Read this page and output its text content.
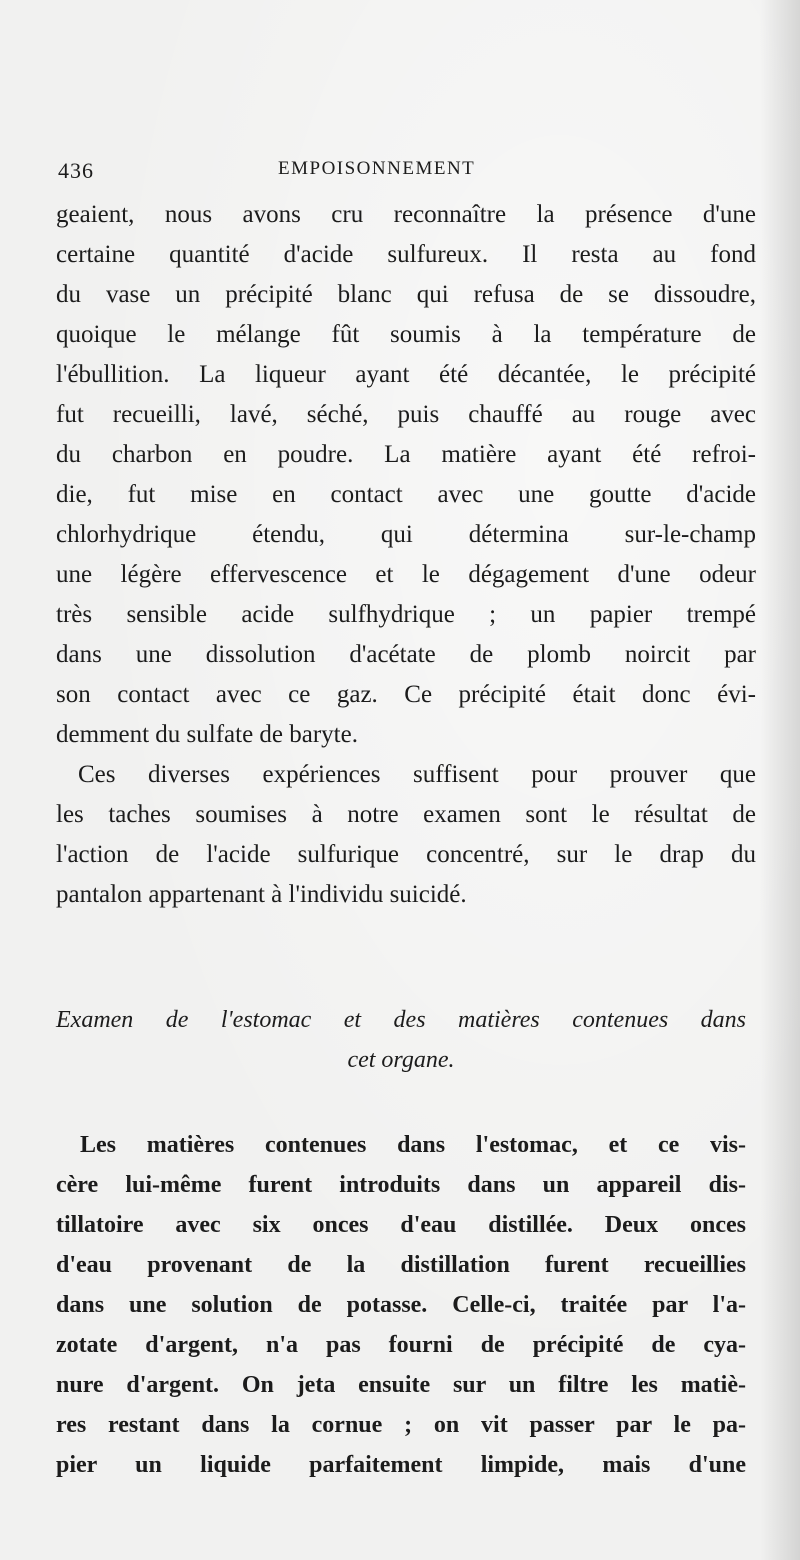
436	EMPOISONNEMENT
geaient, nous avons cru reconnaître la présence d'une
certaine quantité d'acide sulfureux. Il resta au fond
du vase un précipité blanc qui refusa de se dissoudre,
quoique le mélange fût soumis à la température de
l'ébullition. La liqueur ayant été décantée, le précipité
fut recueilli, lavé, séché, puis chauffé au rouge avec
du charbon en poudre. La matière ayant été refroi-
die, fut mise en contact avec une goutte d'acide
chlorhydrique étendu, qui détermina sur-le-champ
une légère effervescence et le dégagement d'une odeur
très sensible acide sulfhydrique ; un papier trempé
dans une dissolution d'acétate de plomb noircit par
son contact avec ce gaz. Ce précipité était donc évi-
demment du sulfate de baryte.
Ces diverses expériences suffisent pour prouver que
les taches soumises à notre examen sont le résultat de
l'action de l'acide sulfurique concentré, sur le drap du
pantalon appartenant à l'individu suicidé.
Examen de l'estomac et des matières contenues dans
cet organe.
Les matières contenues dans l'estomac, et ce vis-
cère lui-même furent introduits dans un appareil dis-
tillatoire avec six onces d'eau distillée. Deux onces
d'eau provenant de la distillation furent recueillies
dans une solution de potasse. Celle-ci, traitée par l'a-
zotate d'argent, n'a pas fourni de précipité de cya-
nure d'argent. On jeta ensuite sur un filtre les matiè-
res restant dans la cornue ; on vit passer par le pa-
pier un liquide parfaitement limpide, mais d'une
